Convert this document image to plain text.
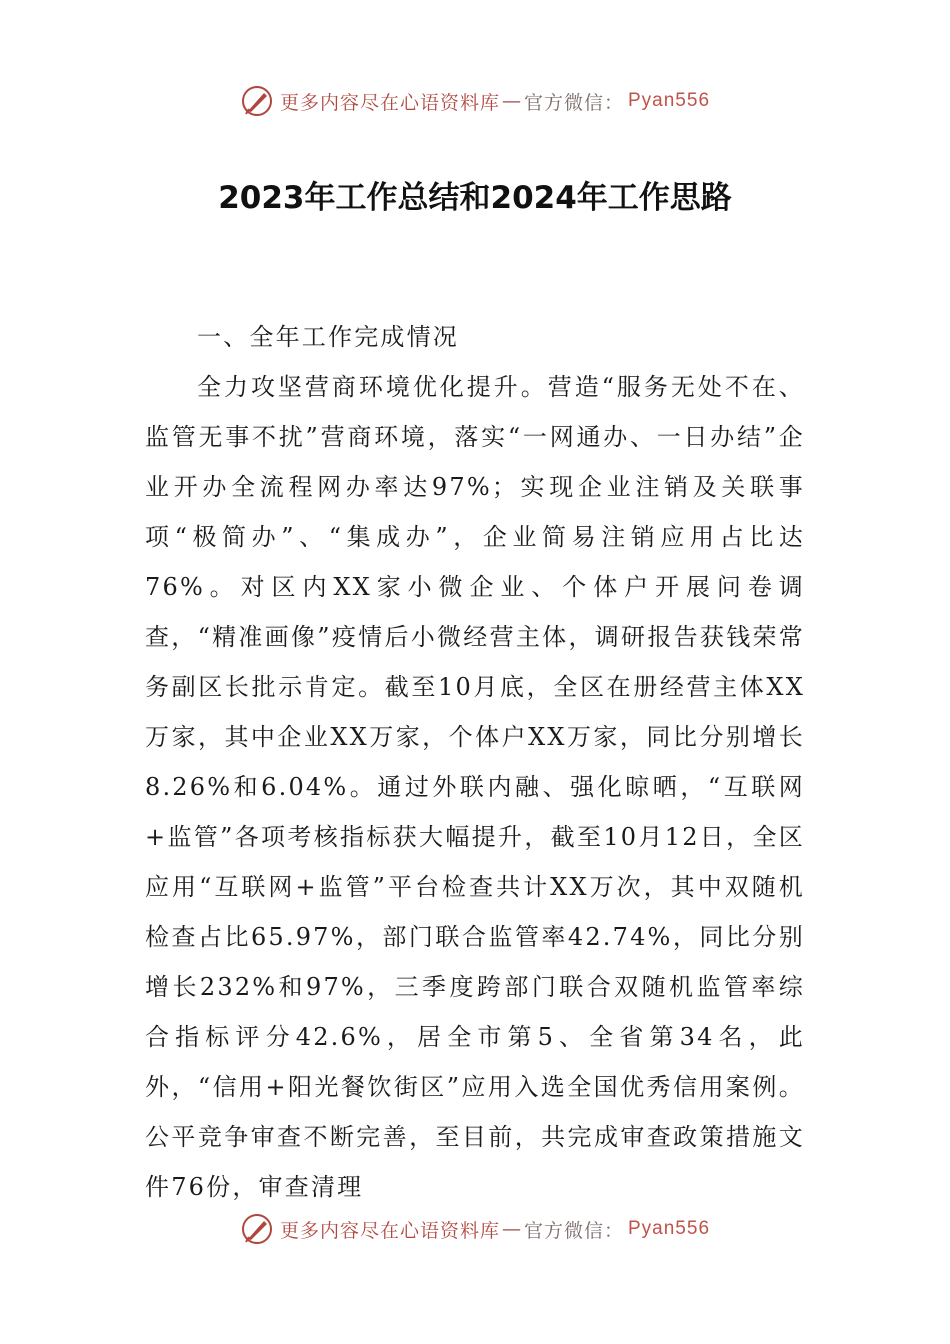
更多内容尽在心语资料库 — 官方微信： Pyan556
2023年工作总结和2024年工作思路

一、全年工作完成情况

全力攻坚营商环境优化提升。营造“服务无处不在、监管无事不扰”营商环境，落实“一网通办、一日办结”企业开办全流程网办率达97%；实现企业注销及关联事项“极简办”、“集成办”，企业简易注销应用占比达76%。对区内XX家小微企业、个体户开展问卷调查，“精准画像”疫情后小微经营主体，调研报告获钱荣常务副区长批示肯定。截至10月底，全区在册经营主体XX万家，其中企业XX万家，个体户XX万家，同比分别增长8.26%和6.04%。通过外联内融、强化晾晒，“互联网+监管”各项考核指标获大幅提升，截至10月12日，全区应用“互联网+监管”平台检查共计XX万次，其中双随机检查占比65.97%，部门联合监管率42.74%，同比分别增长232%和97%，三季度跨部门联合双随机监管率综合指标评分42.6%，居全市第5、全省第34名，此外，“信用+阳光餐饮街区”应用入选全国优秀信用案例。公平竞争审查不断完善，至目前，共完成审查政策措施文件76份，审查清理

更多内容尽在心语资料库 — 官方微信： Pyan556
